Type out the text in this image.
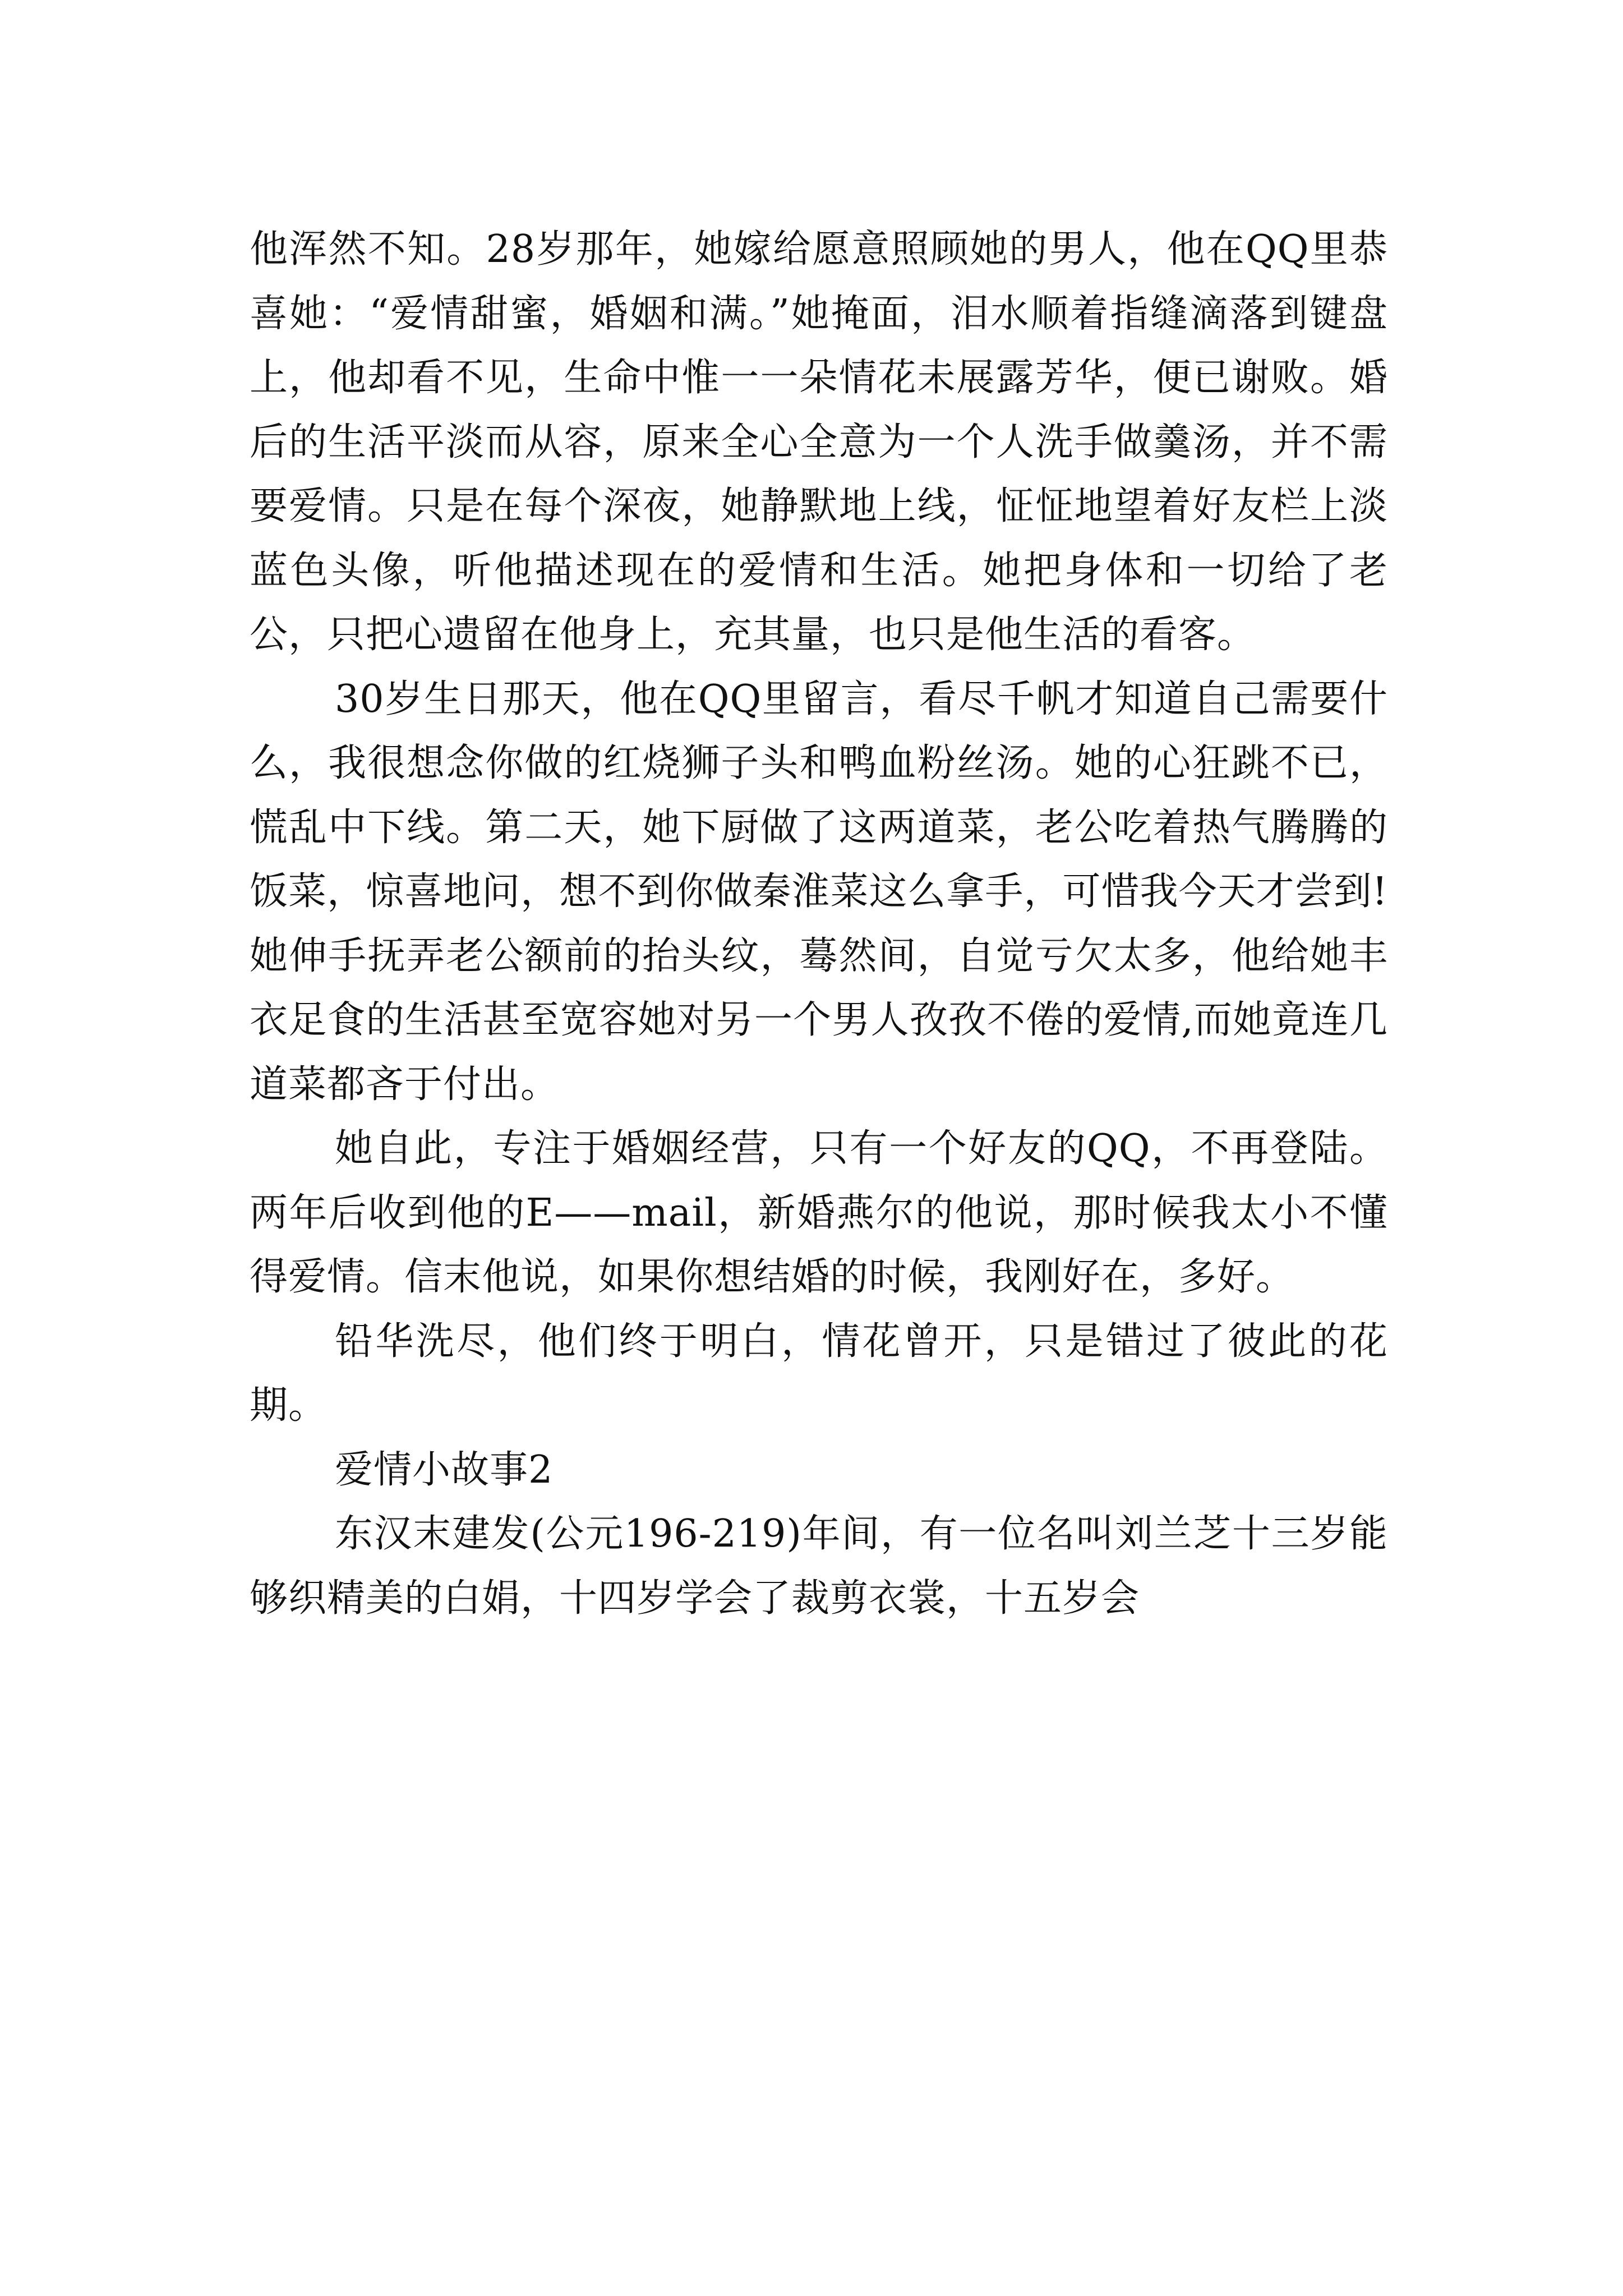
他浑然不知。28岁那年，她嫁给愿意照顾她的男人，他在QQ里恭喜她：“爱情甜蜜，婚姻和满。”她掩面，泪水顺着指缝滴落到键盘上，他却看不见，生命中惟一一朵情花未展露芳华，便已谢败。婚后的生活平淡而从容，原来全心全意为一个人洗手做羹汤，并不需要爱情。只是在每个深夜，她静默地上线，怔怔地望着好友栏上淡蓝色头像，听他描述现在的爱情和生活。她把身体和一切给了老公，只把心遗留在他身上，充其量，也只是他生活的看客。

30岁生日那天，他在QQ里留言，看尽千帆才知道自己需要什么，我很想念你做的红烧狮子头和鸭血粉丝汤。她的心狂跳不已，慌乱中下线。第二天，她下厨做了这两道菜，老公吃着热气腾腾的饭菜，惊喜地问，想不到你做秦淮菜这么拿手，可惜我今天才尝到!她伸手抚弄老公额前的抬头纹，蓦然间，自觉亏欠太多，他给她丰衣足食的生活甚至宽容她对另一个男人孜孜不倦的爱情,而她竟连几道菜都吝于付出。

她自此，专注于婚姻经营，只有一个好友的QQ，不再登陆。两年后收到他的E——mail，新婚燕尔的他说，那时候我太小不懂得爱情。信末他说，如果你想结婚的时候，我刚好在，多好。

铅华洗尽，他们终于明白，情花曾开，只是错过了彼此的花期。

爱情小故事2

东汉末建发(公元196-219)年间，有一位名叫刘兰芝十三岁能够织精美的白娟，十四岁学会了裁剪衣裳，十五岁会
